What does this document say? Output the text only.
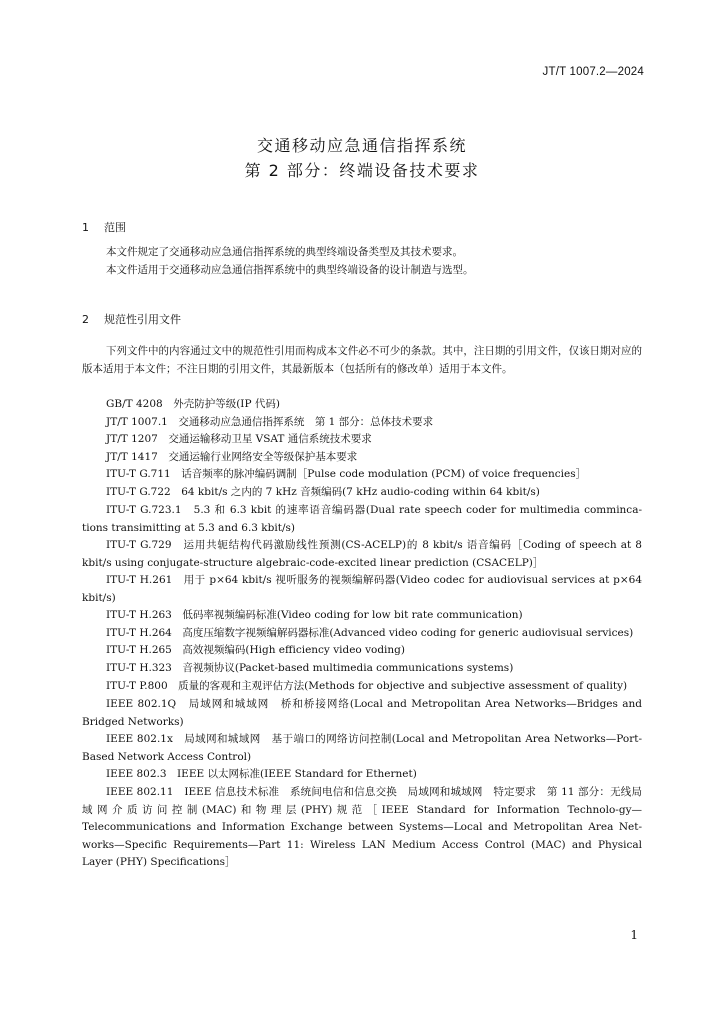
JT/T 1007.2—2024
交通移动应急通信指挥系统
第 2 部分：终端设备技术要求
1 范围
本文件规定了交通移动应急通信指挥系统的典型终端设备类型及其技术要求。
本文件适用于交通移动应急通信指挥系统中的典型终端设备的设计制造与选型。
2 规范性引用文件
下列文件中的内容通过文中的规范性引用而构成本文件必不可少的条款。其中，注日期的引用文件，仅该日期对应的版本适用于本文件；不注日期的引用文件，其最新版本（包括所有的修改单）适用于本文件。
GB/T 4208　外壳防护等级(IP 代码)
JT/T 1007.1　交通移动应急通信指挥系统　第 1 部分：总体技术要求
JT/T 1207　交通运输移动卫星 VSAT 通信系统技术要求
JT/T 1417　交通运输行业网络安全等级保护基本要求
ITU-T G.711　话音频率的脉冲编码调制［Pulse code modulation (PCM) of voice frequencies］
ITU-T G.722　64 kbit/s 之内的 7 kHz 音频编码(7 kHz audio-coding within 64 kbit/s)
ITU-T G.723.1　5.3 和 6.3 kbit 的速率语音编码器(Dual rate speech coder for multimedia comminca-tions transimitting at 5.3 and 6.3 kbit/s)
ITU-T G.729　运用共轭结构代码激励线性预测(CS-ACELP)的 8 kbit/s 语音编码［Coding of speech at 8 kbit/s using conjugate-structure algebraic-code-excited linear prediction (CSACELP)］
ITU-T H.261　用于 p×64 kbit/s 视听服务的视频编解码器(Video codec for audiovisual services at p×64 kbit/s)
ITU-T H.263　低码率视频编码标准(Video coding for low bit rate communication)
ITU-T H.264　高度压缩数字视频编解码器标准(Advanced video coding for generic audiovisual services)
ITU-T H.265　高效视频编码(High efficiency video voding)
ITU-T H.323　音视频协议(Packet-based multimedia communications systems)
ITU-T P.800　质量的客观和主观评估方法(Methods for objective and subjective assessment of quality)
IEEE 802.1Q　局域网和城域网　桥和桥接网络(Local and Metropolitan Area Networks—Bridges and Bridged Networks)
IEEE 802.1x　局域网和城域网　基于端口的网络访问控制(Local and Metropolitan Area Networks—Port-Based Network Access Control)
IEEE 802.3　IEEE 以太网标准(IEEE Standard for Ethernet)
IEEE 802.11　IEEE 信息技术标准　系统间电信和信息交换　局域网和城域网　特定要求　第 11 部分：无线局域网介质访问控制(MAC)和物理层(PHY)规范［IEEE Standard for Information Technolo-gy—Telecommunications and Information Exchange between Systems—Local and Metropolitan Area Net-works—Specific Requirements—Part 11: Wireless LAN Medium Access Control (MAC) and Physical Layer (PHY) Specifications］
1
